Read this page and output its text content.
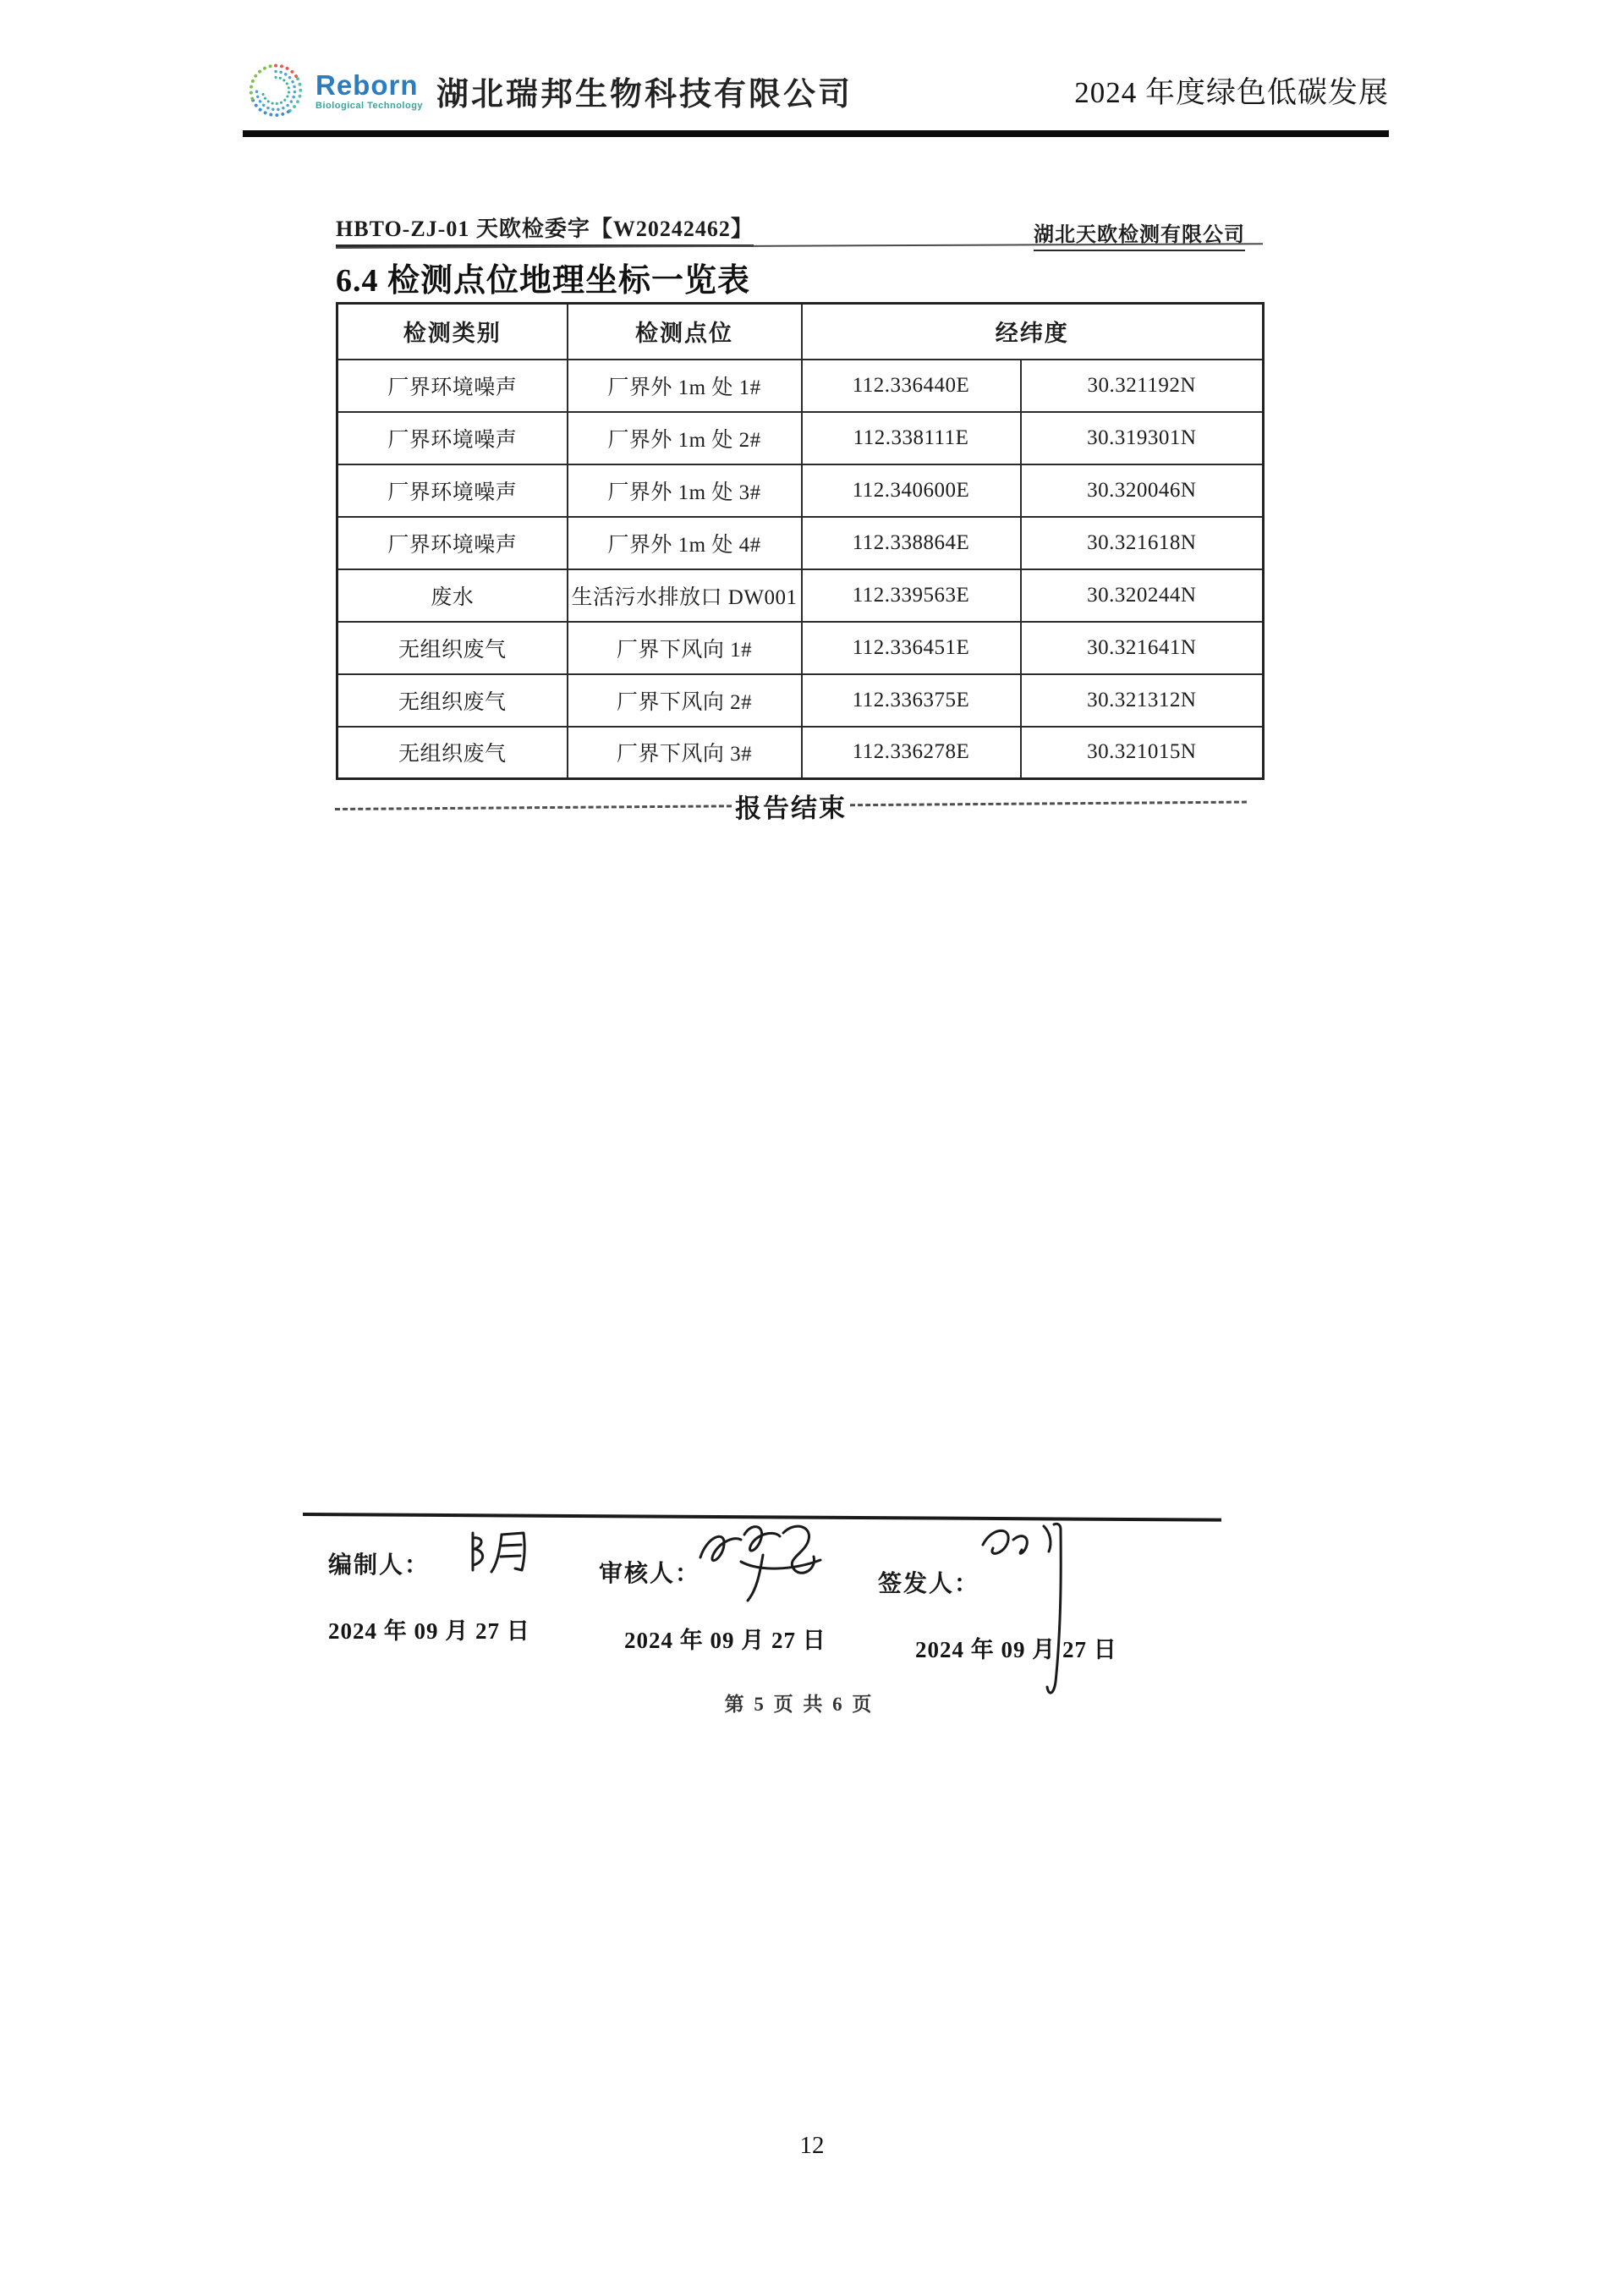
Reborn
Biological Technology 湖北瑞邦生物科技有限公司	2024 年度绿色低碳发展
HBTO-ZJ-01 天欧检委字【W20242462】	湖北天欧检测有限公司
6.4 检测点位地理坐标一览表
检测类别	检测点位	经纬度	
厂界环境噪声	厂界外 1m 处 1#	112.336440E	30.321192N
厂界环境噪声	厂界外 1m 处 2#	112.338111E	30.319301N
厂界环境噪声	厂界外 1m 处 3#	112.340600E	30.320046N
厂界环境噪声	厂界外 1m 处 4#	112.338864E	30.321618N
废水	生活污水排放口 DW001	112.339563E	30.320244N
无组织废气	厂界下风向 1#	112.336451E	30.321641N
无组织废气	厂界下风向 2#	112.336375E	30.321312N
无组织废气	厂界下风向 3#	112.336278E	30.321015N
报告结束
编制人：	审核人：	签发人：
2024 年 09 月 27 日	2024 年 09 月 27 日	2024 年 09 月 27 日
第 5 页 共 6 页
12
